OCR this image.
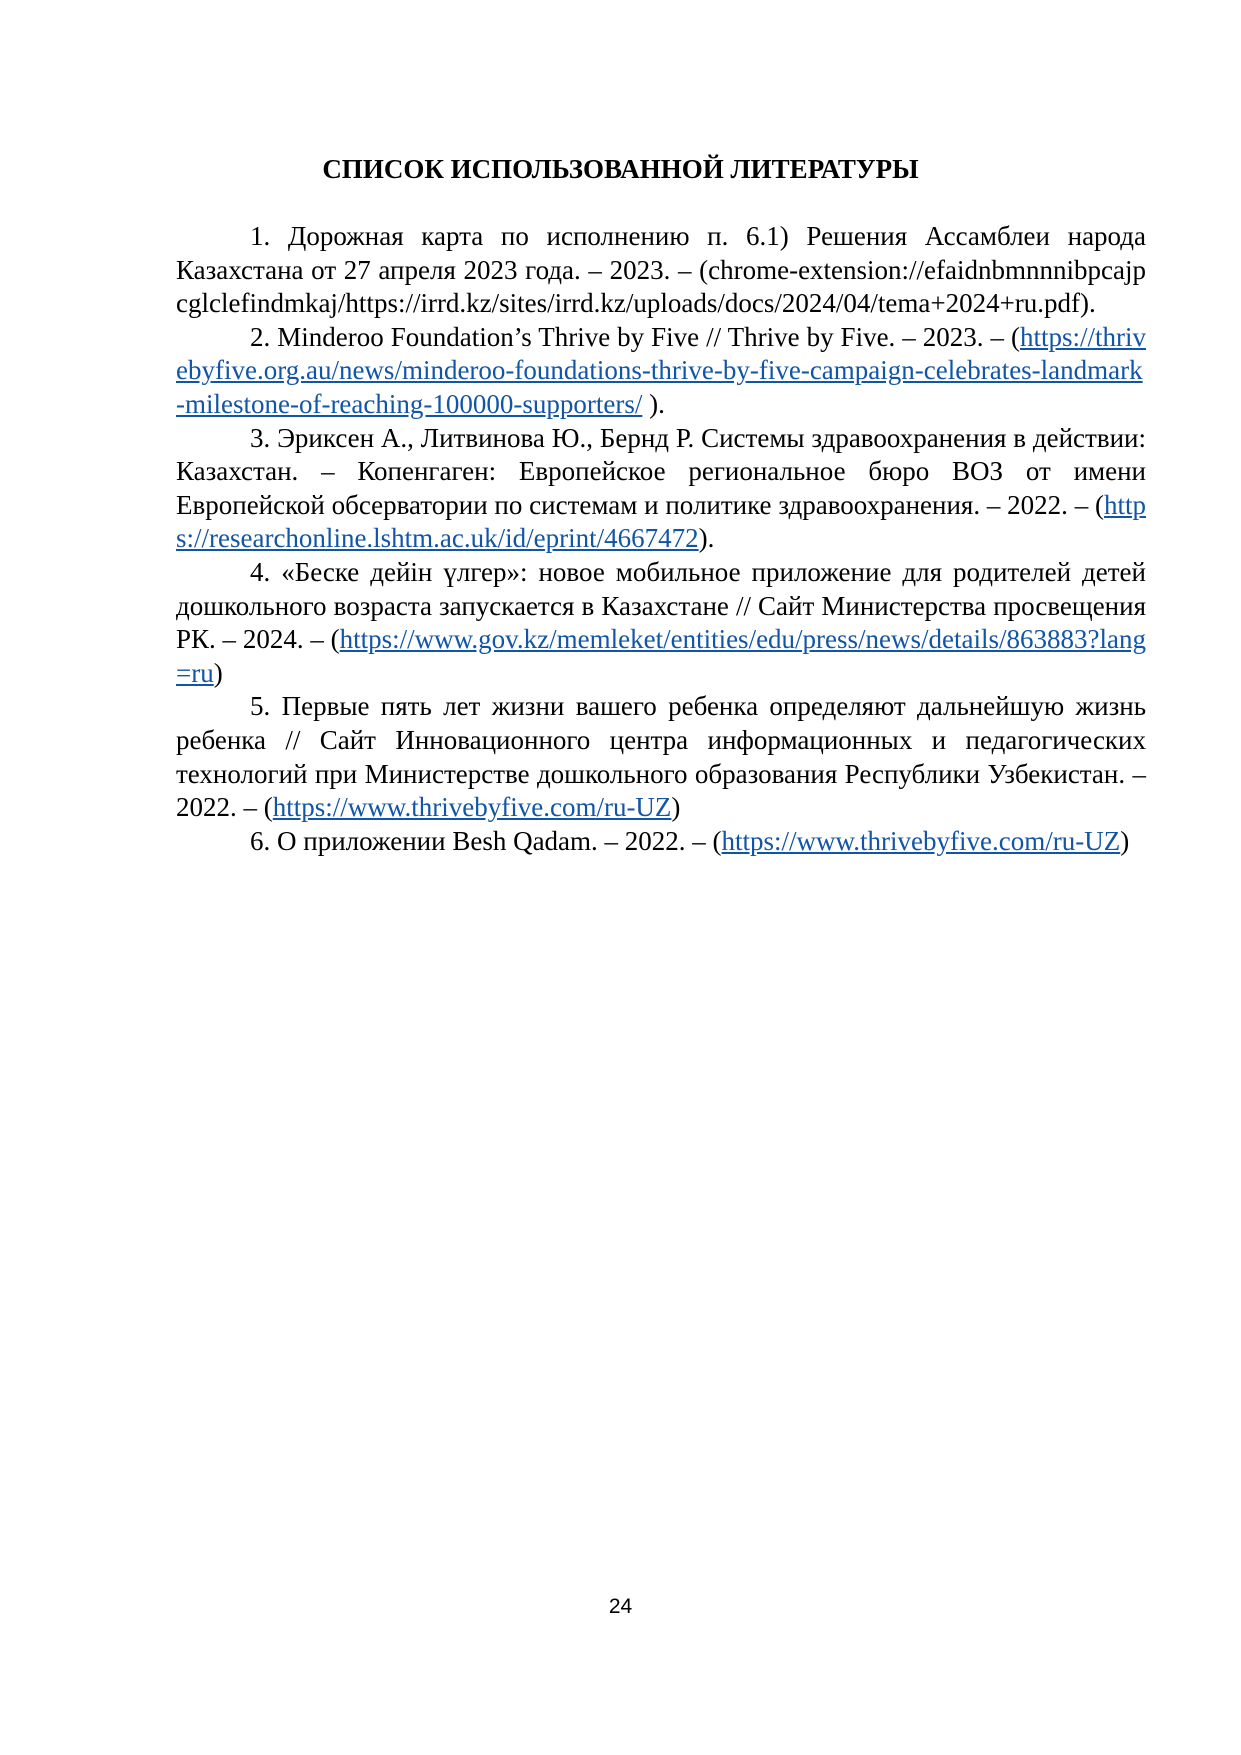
СПИСОК ИСПОЛЬЗОВАННОЙ ЛИТЕРАТУРЫ
1. Дорожная карта по исполнению п. 6.1) Решения Ассамблеи народа Казахстана от 27 апреля 2023 года. – 2023. – (chrome-extension://efaidnbmnnnibpcajpcglclefindmkaj/https://irrd.kz/sites/irrd.kz/uploads/docs/2024/04/tema+2024+ru.pdf).
2. Minderoo Foundation’s Thrive by Five // Thrive by Five. – 2023. – (https://thrivebyfive.org.au/news/minderoo-foundations-thrive-by-five-campaign-celebrates-landmark-milestone-of-reaching-100000-supporters/ ).
3. Эриксен А., Литвинова Ю., Бернд Р. Системы здравоохранения в действии: Казахстан. – Копенгаген: Европейское региональное бюро ВОЗ от имени Европейской обсерватории по системам и политике здравоохранения. – 2022. – (https://researchonline.lshtm.ac.uk/id/eprint/4667472).
4. «Беске дейін үлгер»: новое мобильное приложение для родителей детей дошкольного возраста запускается в Казахстане // Сайт Министерства просвещения РК. – 2024. – (https://www.gov.kz/memleket/entities/edu/press/news/details/863883?lang=ru)
5. Первые пять лет жизни вашего ребенка определяют дальнейшую жизнь ребенка // Сайт Инновационного центра информационных и педагогических технологий при Министерстве дошкольного образования Республики Узбекистан. – 2022. – (https://www.thrivebyfive.com/ru-UZ)
6. О приложении Besh Qadam. – 2022. – (https://www.thrivebyfive.com/ru-UZ)
24
